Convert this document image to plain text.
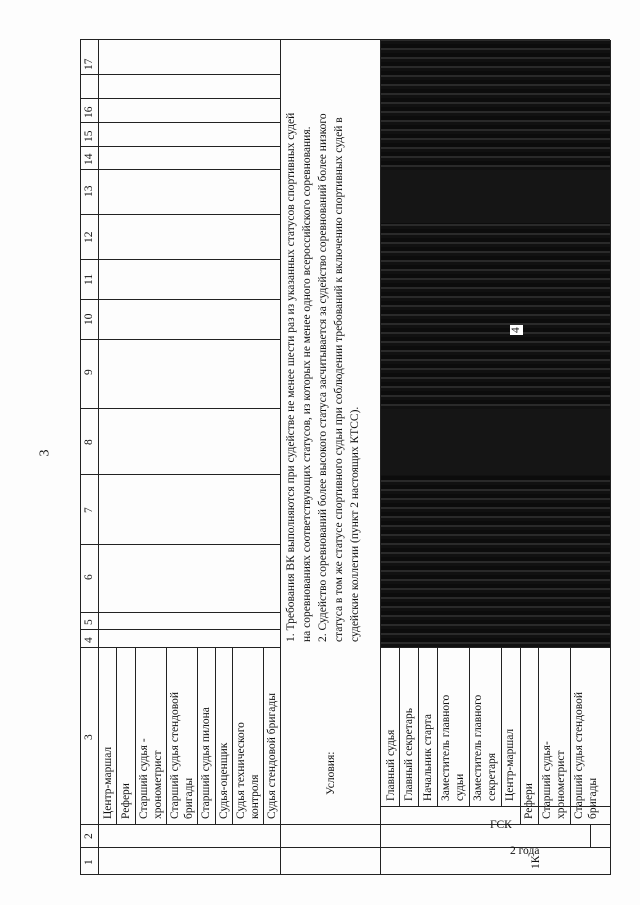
3
1
2
3
4
5
6
7
8
9
10
11
12
13
14
15
16
17
Центр-маршал Рефери Старший судья - хронометрист Старший судья стендовой бригады Старший судья пилона Судья-оценщик Судья технического контроля Судья стендовой бригады
2 года
Условия:
1. Требования ВК выполняются при судействе не менее шести раз из указанных статусов спортивных судей на соревнованиях соответствующих статусов, из которых не менее одного всероссийского соревнования. 2. Судейство соревнований более высокого статуса засчитывается за судейство соревнований более низкого статуса в том же статусе спортивного судьи при соблюдении требований к включению спортивных судей в судейские коллегии (пункт 2 настоящих КТСС).
1К
ГСК
Главный судья Главный секретарь Начальник старта Заместитель главного судьи Заместитель главного секретаря Центр-маршал
Рефери Старший судья- хронометрист Старший судья стендовой бригады
4
